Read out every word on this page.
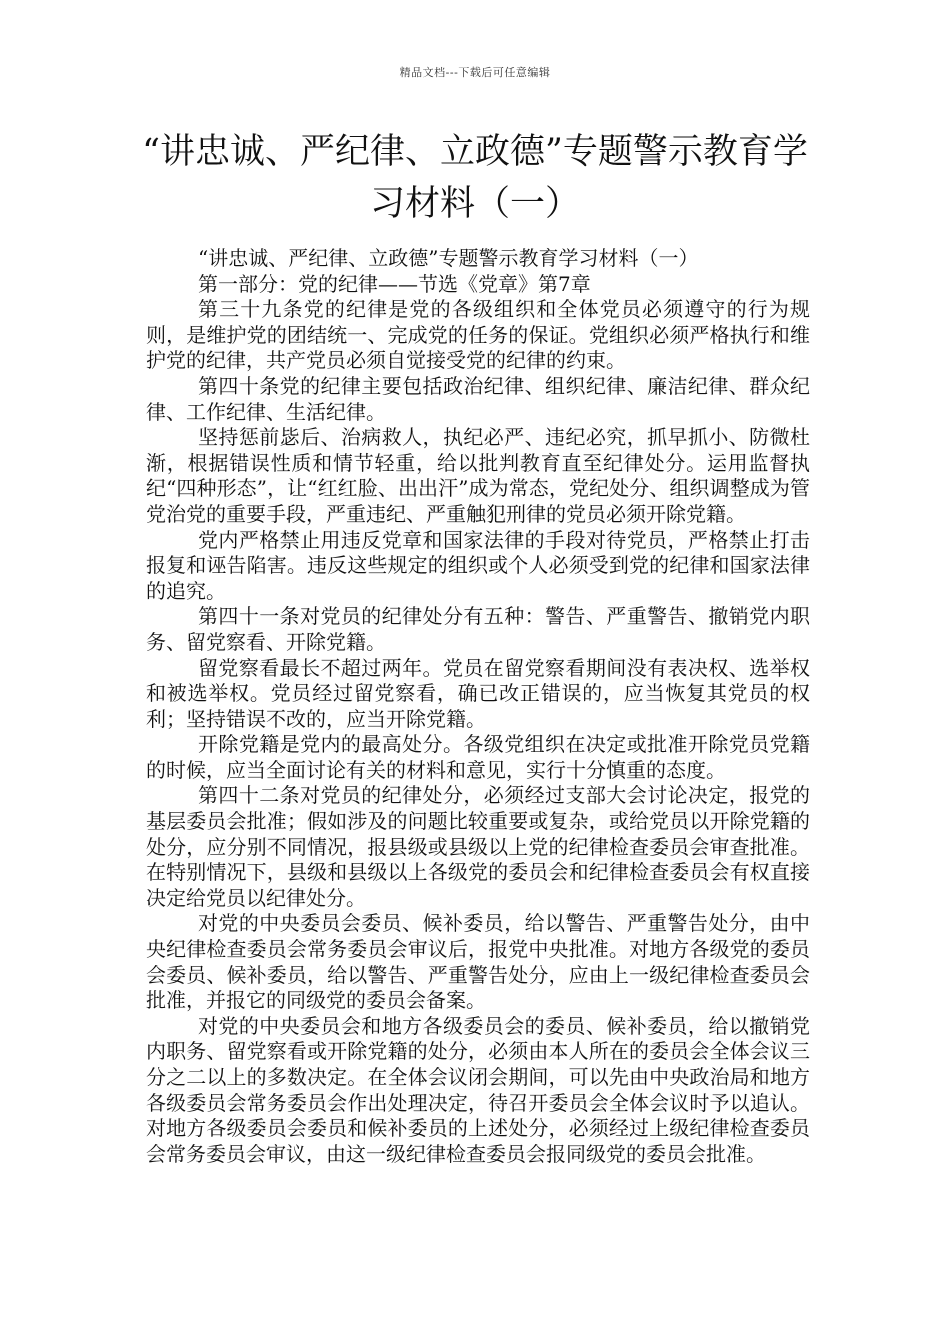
精品文档---下载后可任意编辑
“讲忠诚、严纪律、立政德”专题警示教育学习材料（一）

“讲忠诚、严纪律、立政德”专题警示教育学习材料（一）

第一部分：党的纪律——节选《党章》第7章

第三十九条党的纪律是党的各级组织和全体党员必须遵守的行为规则，是维护党的团结统一、完成党的任务的保证。党组织必须严格执行和维护党的纪律，共产党员必须自觉接受党的纪律的约束。

第四十条党的纪律主要包括政治纪律、组织纪律、廉洁纪律、群众纪律、工作纪律、生活纪律。

坚持惩前毖后、治病救人，执纪必严、违纪必究，抓早抓小、防微杜渐，根据错误性质和情节轻重，给以批判教育直至纪律处分。运用监督执纪“四种形态”，让“红红脸、出出汗”成为常态，党纪处分、组织调整成为管党治党的重要手段，严重违纪、严重触犯刑律的党员必须开除党籍。

党内严格禁止用违反党章和国家法律的手段对待党员，严格禁止打击报复和诬告陷害。违反这些规定的组织或个人必须受到党的纪律和国家法律的追究。

第四十一条对党员的纪律处分有五种：警告、严重警告、撤销党内职务、留党察看、开除党籍。

留党察看最长不超过两年。党员在留党察看期间没有表决权、选举权和被选举权。党员经过留党察看，确已改正错误的，应当恢复其党员的权利；坚持错误不改的，应当开除党籍。

开除党籍是党内的最高处分。各级党组织在决定或批准开除党员党籍的时候，应当全面讨论有关的材料和意见，实行十分慎重的态度。

第四十二条对党员的纪律处分，必须经过支部大会讨论决定，报党的基层委员会批准；假如涉及的问题比较重要或复杂，或给党员以开除党籍的处分，应分别不同情况，报县级或县级以上党的纪律检查委员会审查批准。在特别情况下，县级和县级以上各级党的委员会和纪律检查委员会有权直接决定给党员以纪律处分。

对党的中央委员会委员、候补委员，给以警告、严重警告处分，由中央纪律检查委员会常务委员会审议后，报党中央批准。对地方各级党的委员会委员、候补委员，给以警告、严重警告处分，应由上一级纪律检查委员会批准，并报它的同级党的委员会备案。

对党的中央委员会和地方各级委员会的委员、候补委员，给以撤销党内职务、留党察看或开除党籍的处分，必须由本人所在的委员会全体会议三分之二以上的多数决定。在全体会议闭会期间，可以先由中央政治局和地方各级委员会常务委员会作出处理决定，待召开委员会全体会议时予以追认。对地方各级委员会委员和候补委员的上述处分，必须经过上级纪律检查委员会常务委员会审议，由这一级纪律检查委员会报同级党的委员会批准。
